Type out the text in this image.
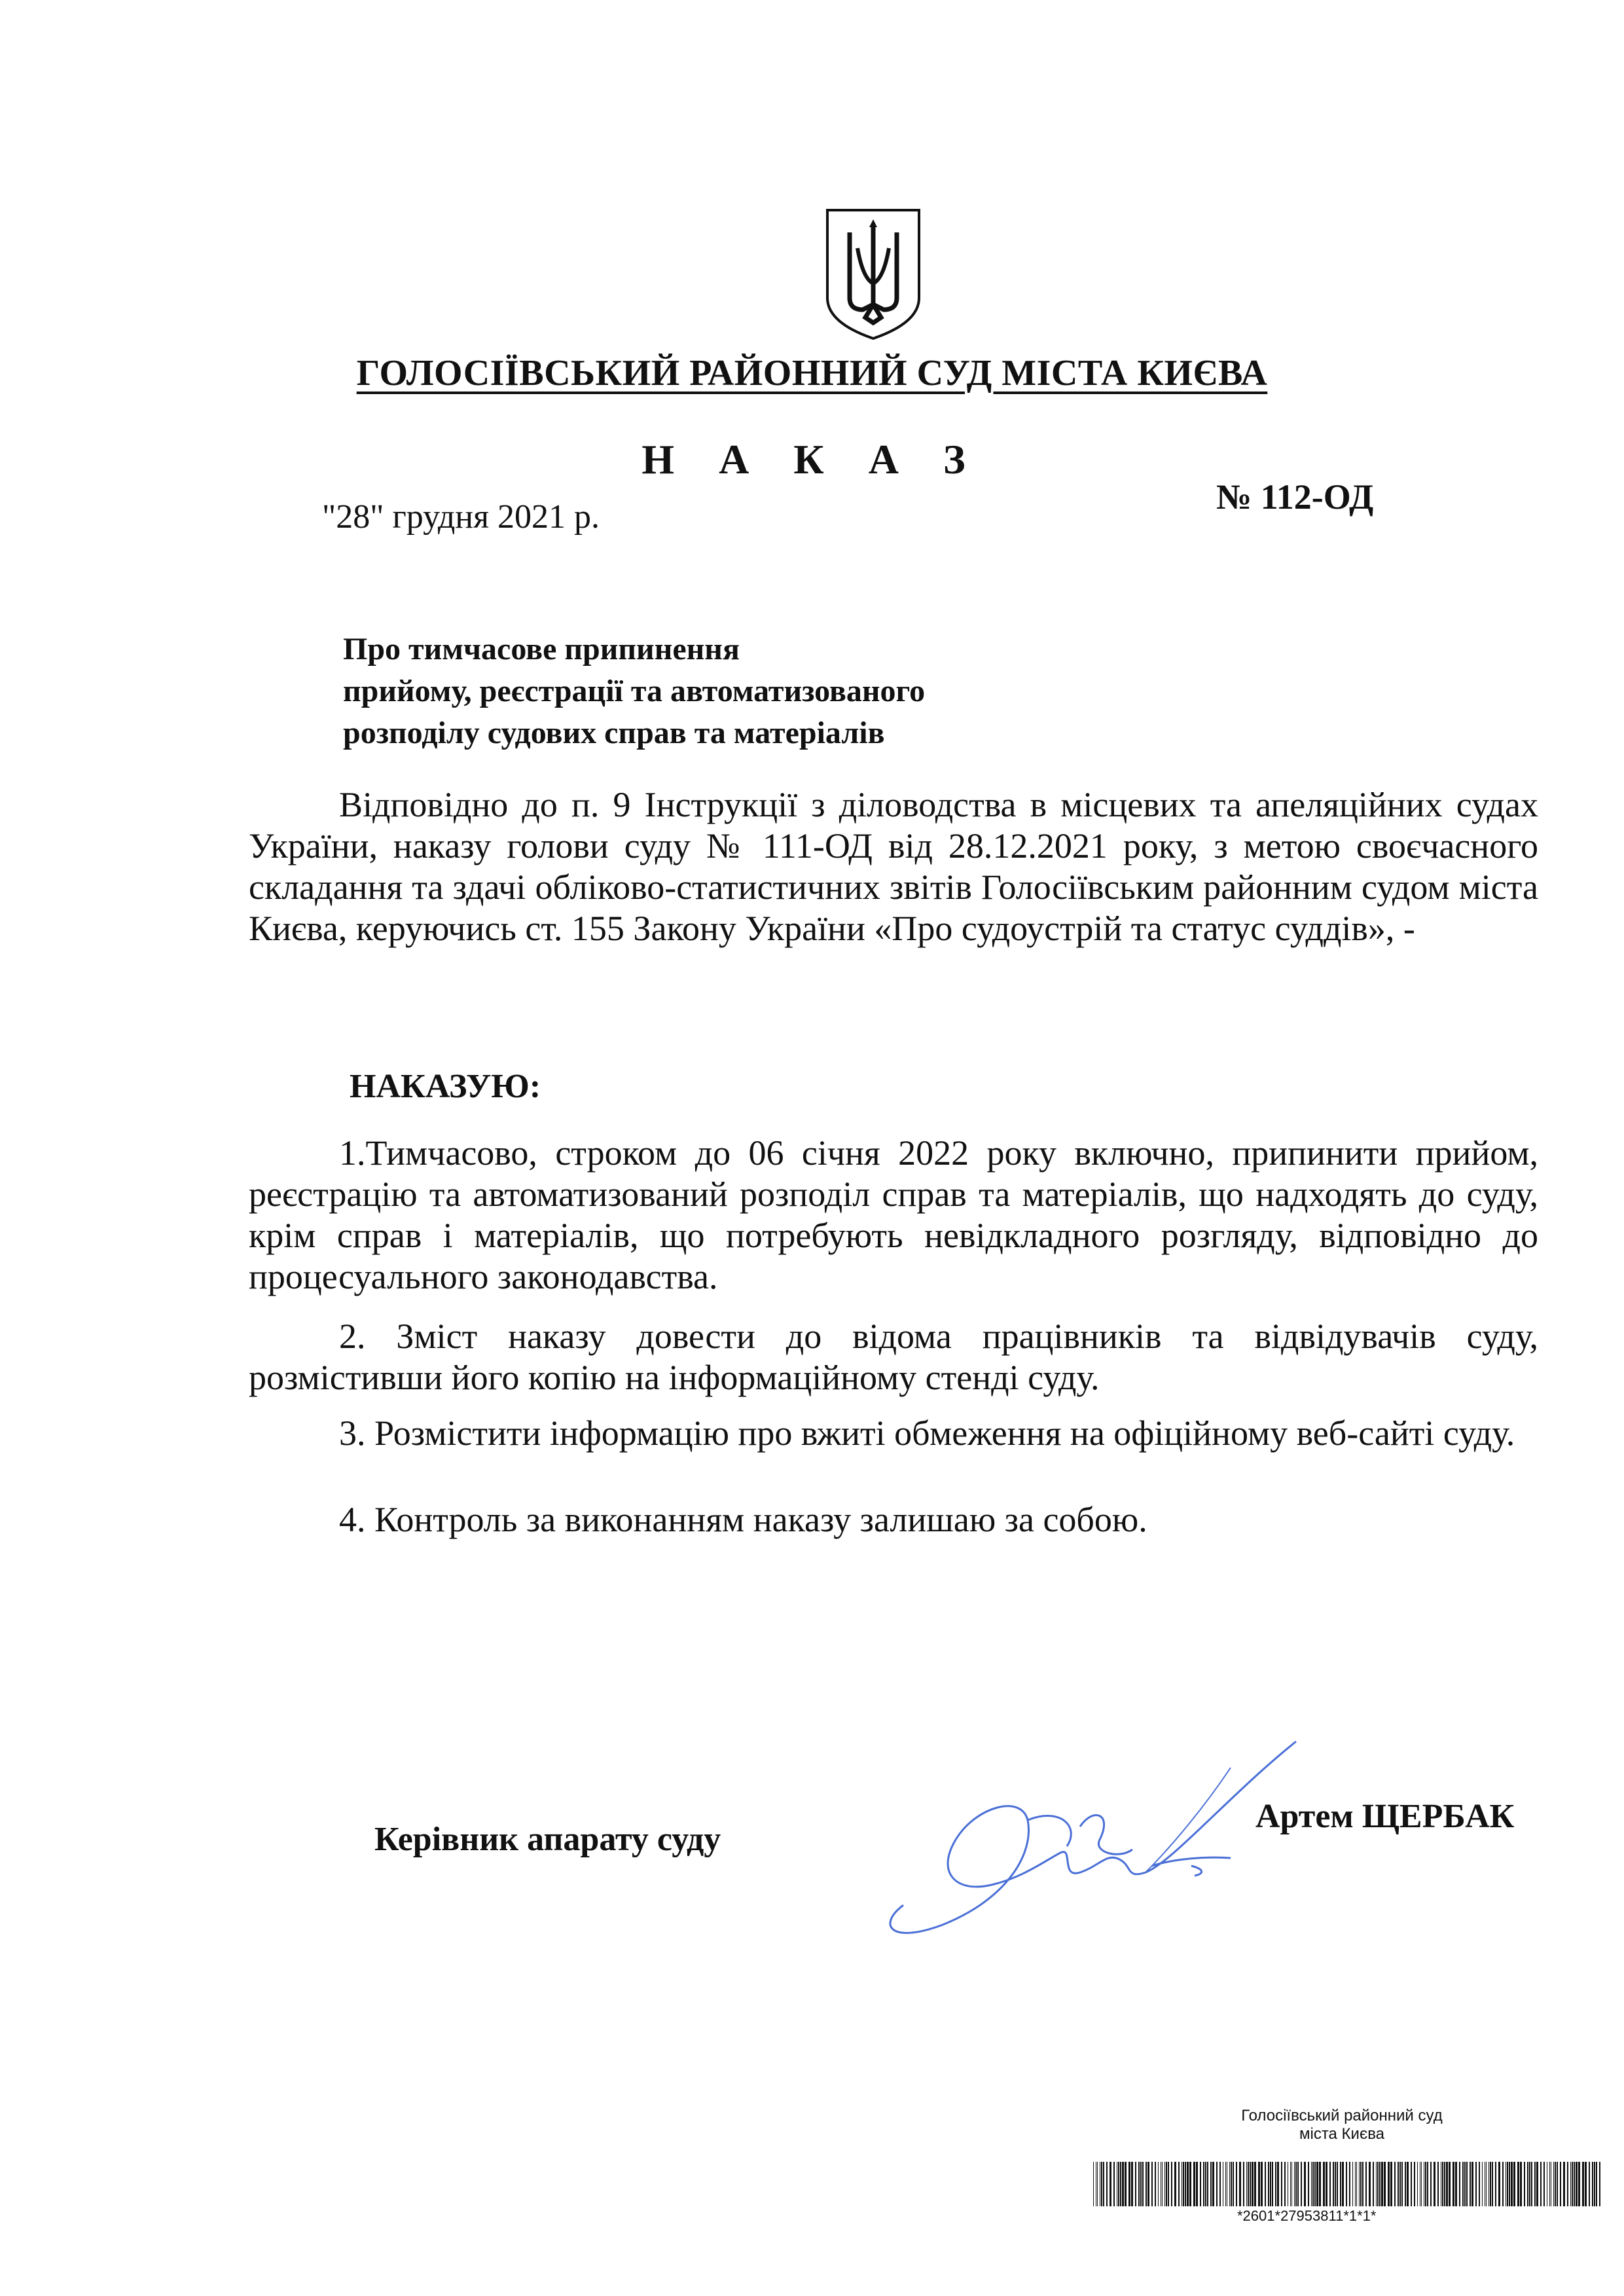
ГОЛОСІЇВСЬКИЙ РАЙОННИЙ СУД МІСТА КИЄВА
Н А К А З
"28" грудня 2021 р.
№ 112-ОД
Про тимчасове припинення
прийому, реєстрації та автоматизованого
розподілу судових справ та матеріалів

Відповідно до п. 9 Інструкції з діловодства в місцевих та апеляційних судах України, наказу голови суду № 111-ОД від 28.12.2021 року, з метою своєчасного складання та здачі обліково-статистичних звітів Голосіївським районним судом міста Києва, керуючись ст. 155 Закону України «Про судоустрій та статус суддів», -

НАКАЗУЮ:

1.Тимчасово, строком до 06 січня 2022 року включно, припинити прийом, реєстрацію та автоматизований розподіл справ та матеріалів, що надходять до суду, крім справ і матеріалів, що потребують невідкладного розгляду, відповідно до процесуального законодавства.

2. Зміст наказу довести до відома працівників та відвідувачів суду, розмістивши його копію на інформаційному стенді суду.

3. Розмістити інформацію про вжиті обмеження на офіційному веб-сайті суду.

4. Контроль за виконанням наказу залишаю за собою.

Керівник апарату суду
Артем ЩЕРБАК
Голосіївський районний суд
міста Києва
*2601*27953811*1*1*
